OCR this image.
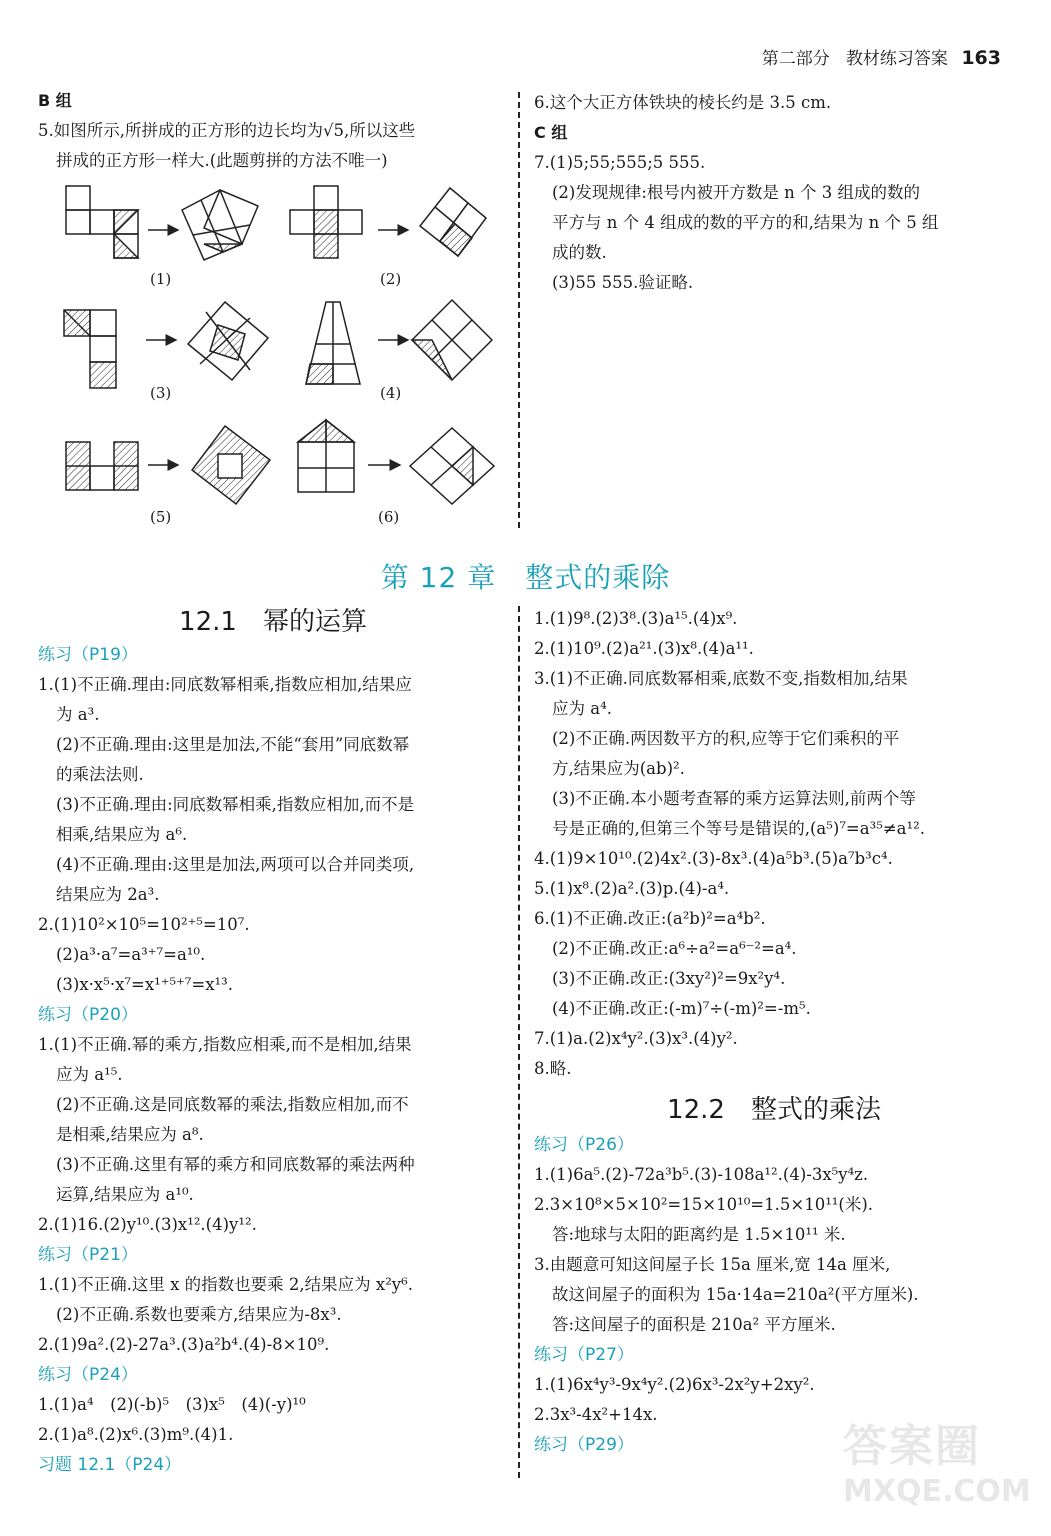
第二部分 教材练习答案 163
B 组
5.如图所示,所拼成的正方形的边长均为√5,所以这些
拼成的正方形一样大.(此题剪拼的方法不唯一)
(1)	(2)
(3)	(4)
(5)	(6)
6.这个大正方体铁块的棱长约是 3.5 cm.
C 组
7.(1)5;55;555;5 555.
(2)发现规律:根号内被开方数是 n 个 3 组成的数的
平方与 n 个 4 组成的数的平方的和,结果为 n 个 5 组
成的数.
(3)55 555.验证略.
第 12 章　整式的乘除
12.1　幂的运算
练习（P19）
1.(1)不正确.理由:同底数幂相乘,指数应相加,结果应
为 a³.
(2)不正确.理由:这里是加法,不能“套用”同底数幂
的乘法法则.
(3)不正确.理由:同底数幂相乘,指数应相加,而不是
相乘,结果应为 a⁶.
(4)不正确.理由:这里是加法,两项可以合并同类项,
结果应为 2a³.
2.(1)10²×10⁵=10²⁺⁵=10⁷.
(2)a³·a⁷=a³⁺⁷=a¹⁰.
(3)x·x⁵·x⁷=x¹⁺⁵⁺⁷=x¹³.
练习（P20）
1.(1)不正确.幂的乘方,指数应相乘,而不是相加,结果
应为 a¹⁵.
(2)不正确.这是同底数幂的乘法,指数应相加,而不
是相乘,结果应为 a⁸.
(3)不正确.这里有幂的乘方和同底数幂的乘法两种
运算,结果应为 a¹⁰.
2.(1)16.(2)y¹⁰.(3)x¹².(4)y¹².
练习（P21）
1.(1)不正确.这里 x 的指数也要乘 2,结果应为 x²y⁶.
(2)不正确.系数也要乘方,结果应为-8x³.
2.(1)9a².(2)-27a³.(3)a²b⁴.(4)-8×10⁹.
练习（P24）
1.(1)a⁴　(2)(-b)⁵　(3)x⁵　(4)(-y)¹⁰
2.(1)a⁸.(2)x⁶.(3)m⁹.(4)1.
习题 12.1（P24）
1.(1)9⁸.(2)3⁸.(3)a¹⁵.(4)x⁹.
2.(1)10⁹.(2)a²¹.(3)x⁸.(4)a¹¹.
3.(1)不正确.同底数幂相乘,底数不变,指数相加,结果
应为 a⁴.
(2)不正确.两因数平方的积,应等于它们乘积的平
方,结果应为(ab)².
(3)不正确.本小题考查幂的乘方运算法则,前两个等
号是正确的,但第三个等号是错误的,(a⁵)⁷=a³⁵≠a¹².
4.(1)9×10¹⁰.(2)4x².(3)-8x³.(4)a⁵b³.(5)a⁷b³c⁴.
5.(1)x⁸.(2)a².(3)p.(4)-a⁴.
6.(1)不正确.改正:(a²b)²=a⁴b².
(2)不正确.改正:a⁶÷a²=a⁶⁻²=a⁴.
(3)不正确.改正:(3xy²)²=9x²y⁴.
(4)不正确.改正:(-m)⁷÷(-m)²=-m⁵.
7.(1)a.(2)x⁴y².(3)x³.(4)y².
8.略.
12.2　整式的乘法
练习（P26）
1.(1)6a⁵.(2)-72a³b⁵.(3)-108a¹².(4)-3x⁵y⁴z.
2.3×10⁸×5×10²=15×10¹⁰=1.5×10¹¹(米).
答:地球与太阳的距离约是 1.5×10¹¹ 米.
3.由题意可知这间屋子长 15a 厘米,宽 14a 厘米,
故这间屋子的面积为 15a·14a=210a²(平方厘米).
答:这间屋子的面积是 210a² 平方厘米.
练习（P27）
1.(1)6x⁴y³-9x⁴y².(2)6x³-2x²y+2xy².
2.3x³-4x²+14x.
练习（P29）	答案圈
MXQE.COM
